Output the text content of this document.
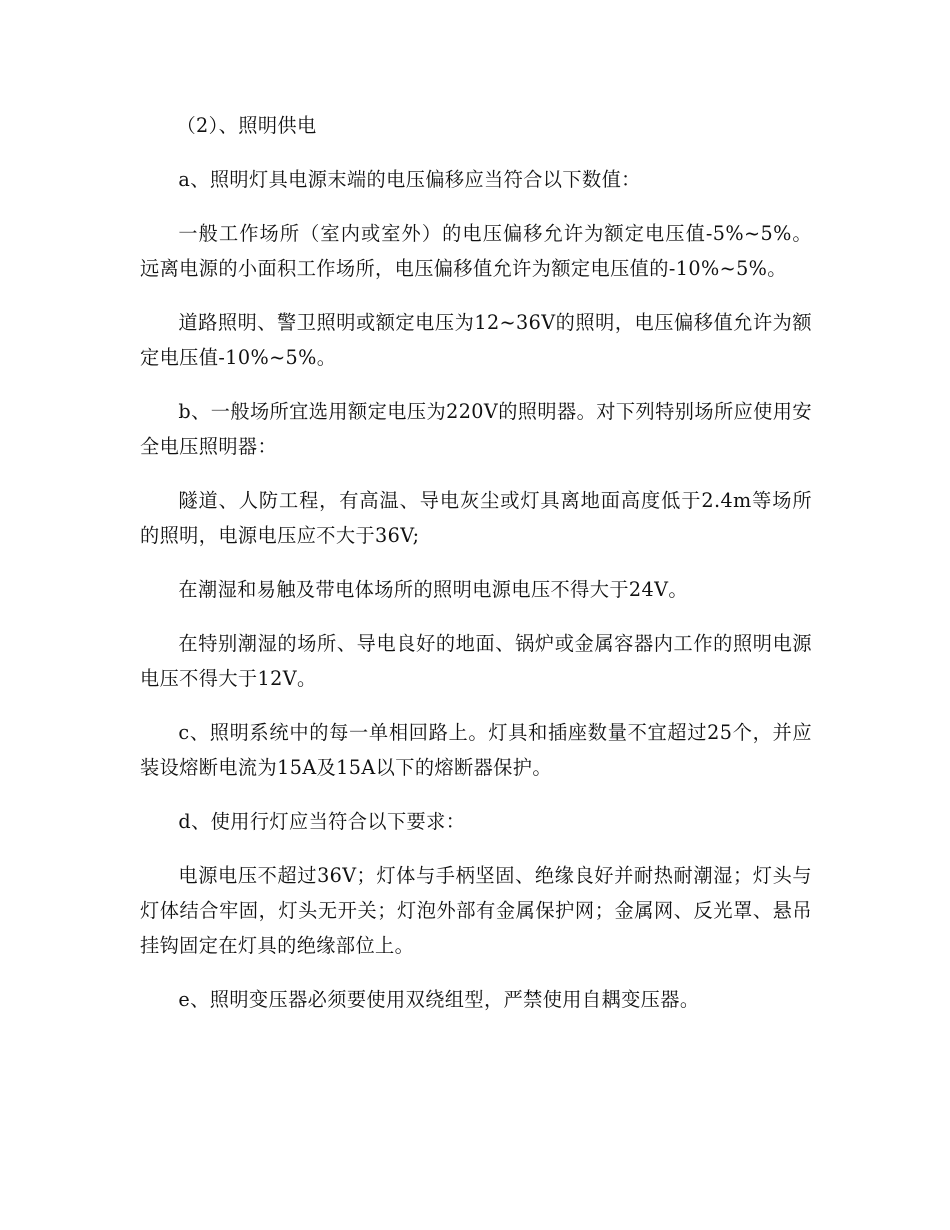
（2）、照明供电

a、照明灯具电源末端的电压偏移应当符合以下数值：

一般工作场所（室内或室外）的电压偏移允许为额定电压值-5%~5%。远离电源的小面积工作场所，电压偏移值允许为额定电压值的-10%~5%。

道路照明、警卫照明或额定电压为12~36V的照明，电压偏移值允许为额定电压值-10%~5%。

b、一般场所宜选用额定电压为220V的照明器。对下列特别场所应使用安全电压照明器：

隧道、人防工程，有高温、导电灰尘或灯具离地面高度低于2.4m等场所的照明，电源电压应不大于36V;

在潮湿和易触及带电体场所的照明电源电压不得大于24V。

在特别潮湿的场所、导电良好的地面、锅炉或金属容器内工作的照明电源电压不得大于12V。

c、照明系统中的每一单相回路上。灯具和插座数量不宜超过25个，并应装设熔断电流为15A及15A以下的熔断器保护。

d、使用行灯应当符合以下要求：

电源电压不超过36V；灯体与手柄坚固、绝缘良好并耐热耐潮湿；灯头与灯体结合牢固，灯头无开关；灯泡外部有金属保护网；金属网、反光罩、悬吊挂钩固定在灯具的绝缘部位上。

e、照明变压器必须要使用双绕组型，严禁使用自耦变压器。
